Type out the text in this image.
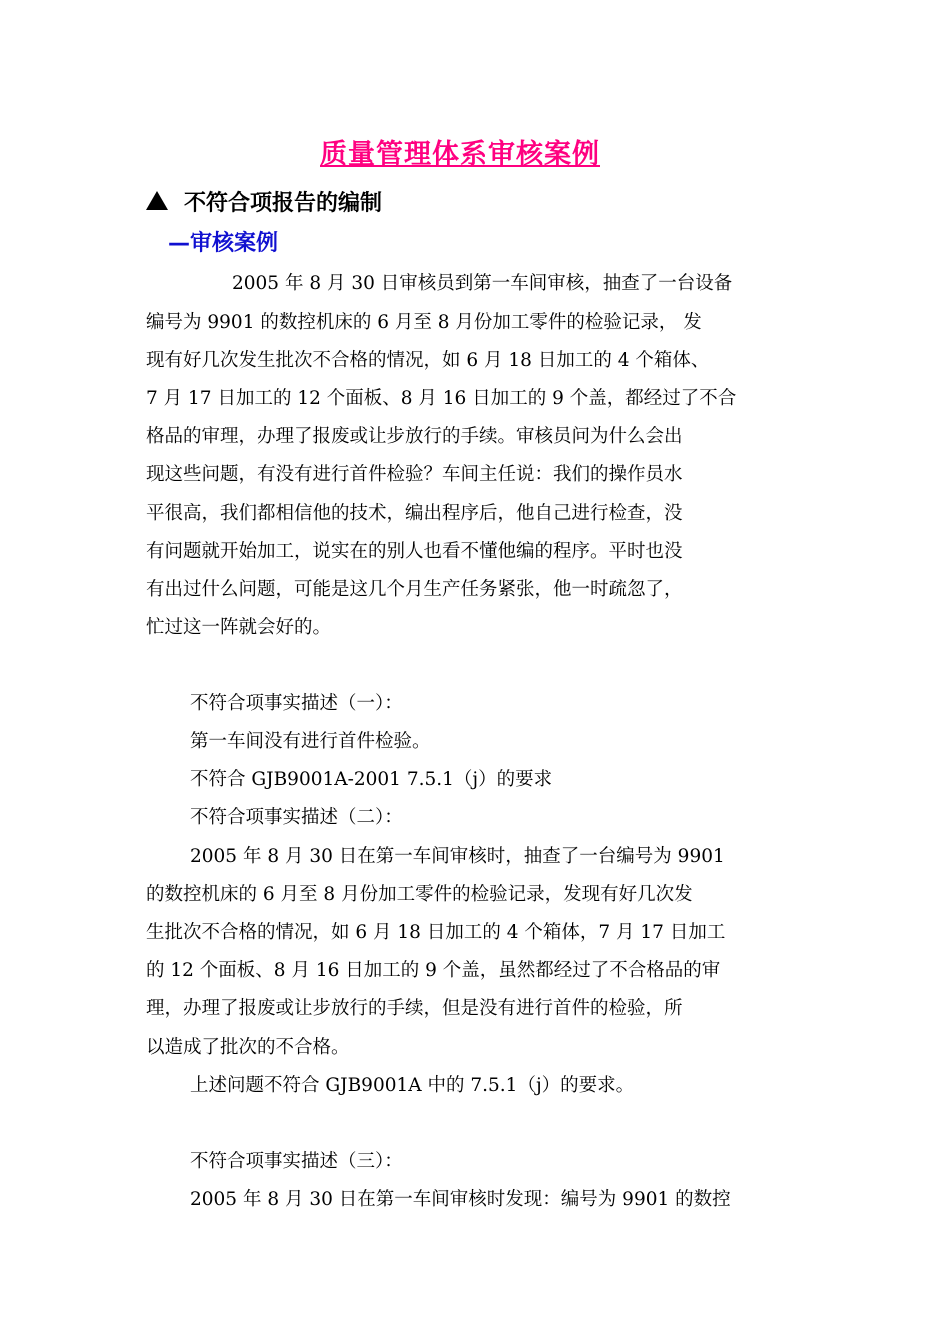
质量管理体系审核案例
不符合项报告的编制
—审核案例
2005 年 8 月 30 日审核员到第一车间审核，抽查了一台设备
编号为 9901 的数控机床的 6 月至 8 月份加工零件的检验记录， 发
现有好几次发生批次不合格的情况，如 6 月 18 日加工的 4 个箱体、
7 月 17 日加工的 12 个面板、8 月 16 日加工的 9 个盖，都经过了不合
格品的审理，办理了报废或让步放行的手续。审核员问为什么会出
现这些问题，有没有进行首件检验？车间主任说：我们的操作员水
平很高，我们都相信他的技术，编出程序后，他自己进行检查，没
有问题就开始加工，说实在的别人也看不懂他编的程序。平时也没
有出过什么问题，可能是这几个月生产任务紧张，他一时疏忽了，
忙过这一阵就会好的。
不符合项事实描述（一）：
第一车间没有进行首件检验。
不符合 GJB9001A-2001 7.5.1（j）的要求
不符合项事实描述（二）：
2005 年 8 月 30 日在第一车间审核时，抽查了一台编号为 9901
的数控机床的 6 月至 8 月份加工零件的检验记录，发现有好几次发
生批次不合格的情况，如 6 月 18 日加工的 4 个箱体，7 月 17 日加工
的 12 个面板、8 月 16 日加工的 9 个盖，虽然都经过了不合格品的审
理，办理了报废或让步放行的手续，但是没有进行首件的检验，所
以造成了批次的不合格。
上述问题不符合 GJB9001A 中的 7.5.1（j）的要求。
不符合项事实描述（三）：
2005 年 8 月 30 日在第一车间审核时发现：编号为 9901 的数控
